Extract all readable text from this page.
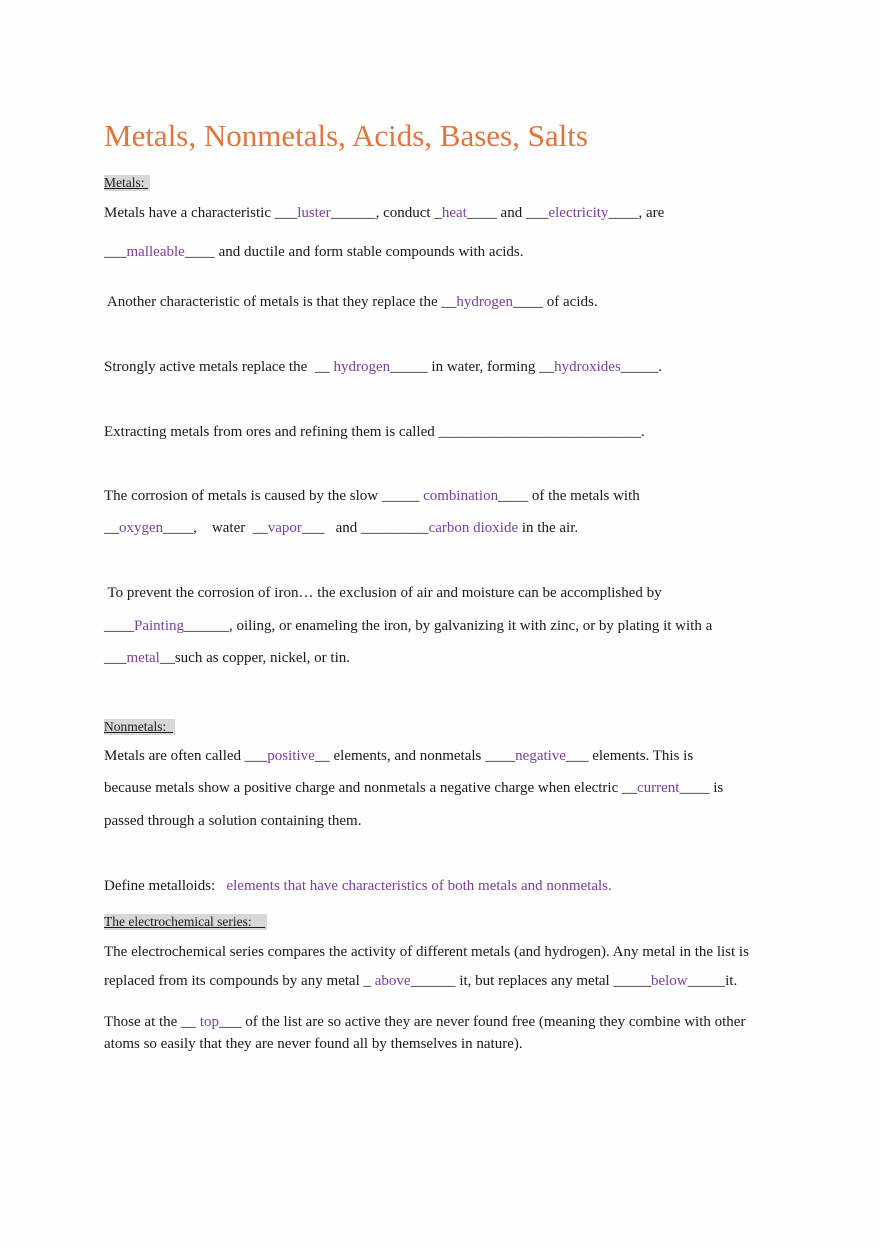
Metals, Nonmetals, Acids, Bases, Salts
Metals:
Metals have a characteristic ___luster______, conduct _heat____ and ___electricity____, are
___malleable____ and ductile and form stable compounds with acids.
Another characteristic of metals is that they replace the __hydrogen____ of acids.
Strongly active metals replace the  __ hydrogen_____ in water, forming __hydroxides_____.
Extracting metals from ores and refining them is called ___________________________.
The corrosion of metals is caused by the slow _____ combination____ of the metals with
__oxygen____,    water  __vapor___   and _________carbon dioxide in the air.
To prevent the corrosion of iron… the exclusion of air and moisture can be accomplished by
____Painting______, oiling, or enameling the iron, by galvanizing it with zinc, or by plating it with a
___metal__such as copper, nickel, or tin.
Nonmetals:
Metals are often called ___positive__ elements, and nonmetals ____negative___ elements. This is
because metals show a positive charge and nonmetals a negative charge when electric __current____ is
passed through a solution containing them.
Define metalloids:   elements that have characteristics of both metals and nonmetals.
The electrochemical series:
The electrochemical series compares the activity of different metals (and hydrogen). Any metal in the list is
replaced from its compounds by any metal _ above______ it, but replaces any metal _____below_____it.
Those at the __ top___ of the list are so active they are never found free (meaning they combine with other
atoms so easily that they are never found all by themselves in nature).
